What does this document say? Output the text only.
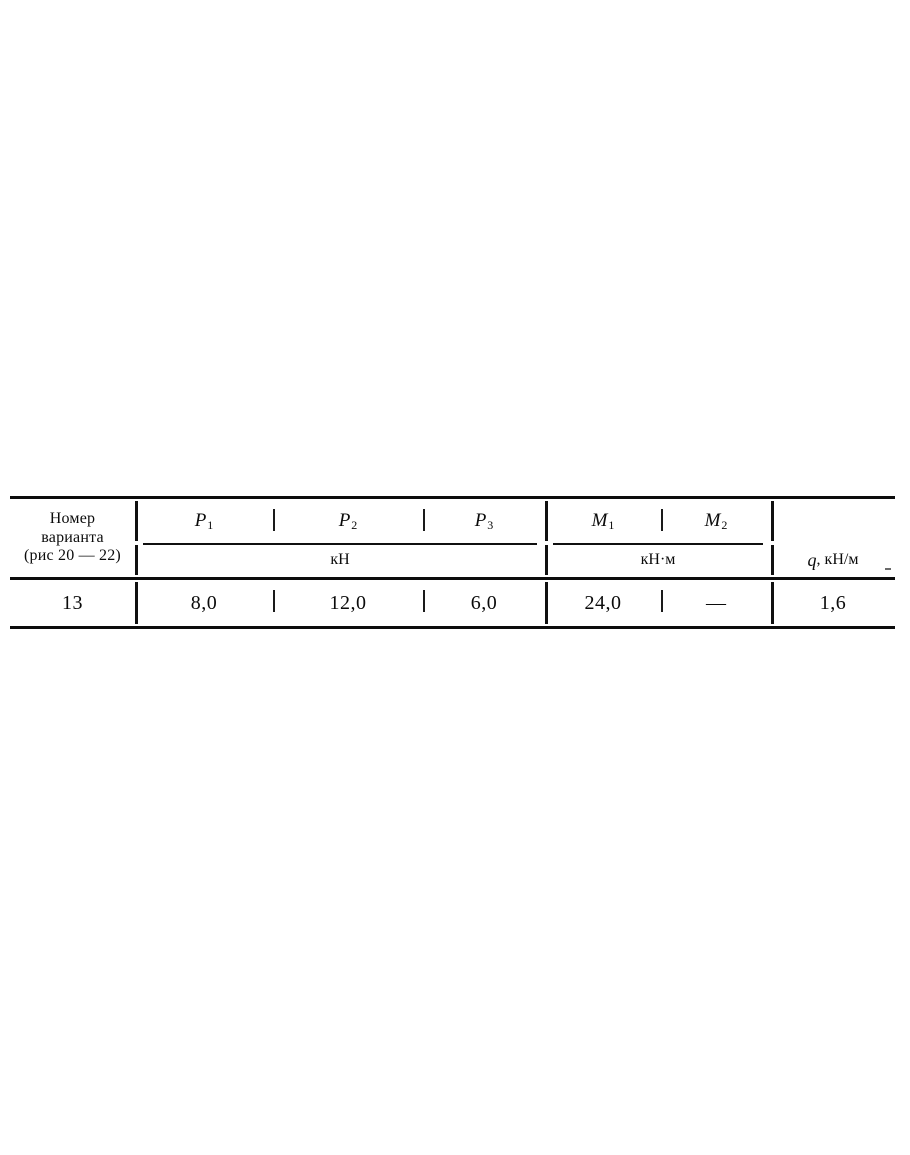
Номер
варианта
(рис 20 — 22)
$P_1$	$P_2$	$P_3$	$M_1$	$M_2$
кН	кН·м	q , кН/м
13	8,0	12,0	6,0	24,0	—	1,6
